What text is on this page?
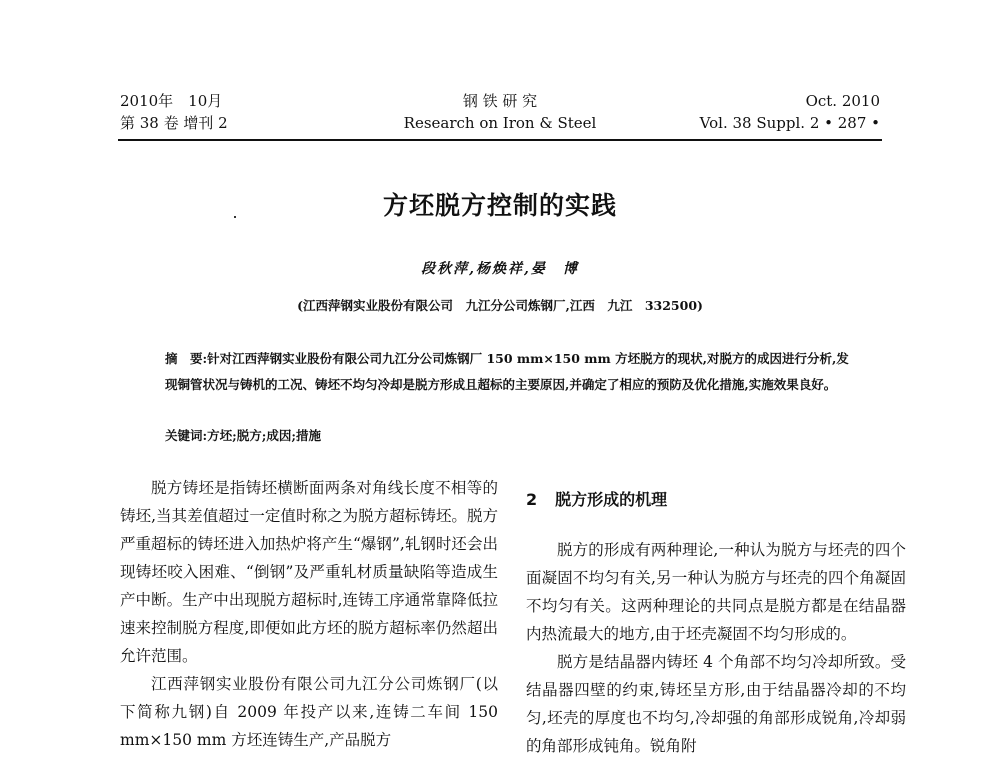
2010年　10月
第 38 卷 增刊 2
钢 铁 研 究
Research on Iron & Steel
Oct. 2010
Vol. 38 Suppl. 2 • 287 •
方坯脱方控制的实践
段秋萍,杨焕祥,晏　博
(江西萍钢实业股份有限公司　九江分公司炼钢厂,江西　九江　332500)
摘　要:针对江西萍钢实业股份有限公司九江分公司炼钢厂 150 mm×150 mm 方坯脱方的现状,对脱方的成因进行分析,发现铜管状况与铸机的工况、铸坯不均匀冷却是脱方形成且超标的主要原因,并确定了相应的预防及优化措施,实施效果良好。
关键词:方坯;脱方;成因;措施

脱方铸坯是指铸坯横断面两条对角线长度不相等的铸坯,当其差值超过一定值时称之为脱方超标铸坯。脱方严重超标的铸坯进入加热炉将产生“爆钢”,轧钢时还会出现铸坯咬入困难、“倒钢”及严重轧材质量缺陷等造成生产中断。生产中出现脱方超标时,连铸工序通常靠降低拉速来控制脱方程度,即便如此方坯的脱方超标率仍然超出允许范围。

江西萍钢实业股份有限公司九江分公司炼钢厂(以下简称九钢)自 2009 年投产以来,连铸二车间 150 mm×150 mm 方坯连铸生产,产品脱方

2 脱方形成的机理

脱方的形成有两种理论,一种认为脱方与坯壳的四个面凝固不均匀有关,另一种认为脱方与坯壳的四个角凝固不均匀有关。这两种理论的共同点是脱方都是在结晶器内热流最大的地方,由于坯壳凝固不均匀形成的。

脱方是结晶器内铸坯 4 个角部不均匀冷却所致。受结晶器四壁的约束,铸坯呈方形,由于结晶器冷却的不均匀,坯壳的厚度也不均匀,冷却强的角部形成锐角,冷却弱的角部形成钝角。锐角附
